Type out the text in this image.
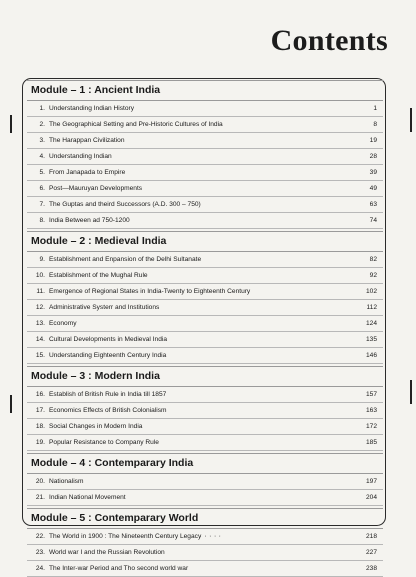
Contents
Module – 1 : Ancient India
1. Understanding Indian History	1
2. The Geographical Setting and Pre-Historic Cultures of India	8
3. The Harappan Civilization	19
4. Understanding Indian	28
5. From Janapada to Empire	39
6. Post—Mauruyan Developments	49
7. The Guptas and theird Successors (A.D. 300 – 750)	63
8. India Between ad 750-1200	74
Module – 2 : Medieval India
9. Establishment and Enpansion of the Delhi Sultanate	82
10. Establishment of the Mughal Rule	92
11. Emergence of Regional States in India-Twenty to Eighteenth Century	102
12. Administrative Systerr and Institutions	112
13. Economy	124
14. Cultural Developments in Medieval India	135
15. Understanding Eighteenth Century India	146
Module – 3 : Modern India
16. Establish of British Rule in India till 1857	157
17. Economics Effects of British Colonialism	163
18. Social Changes in Modern India	172
19. Popular Resistance to Company Rule	185
Module – 4 : Contemparary India
20. Nationalism	197
21. Indian National Movement	204
Module – 5 : Contemparary World
22. The World in 1900 : The Nineteenth Century Legacy	218
23. World war I and the Russian Revolution	227
24. The Inter-war Period and Tho second world war	238
' ' ' ' '
